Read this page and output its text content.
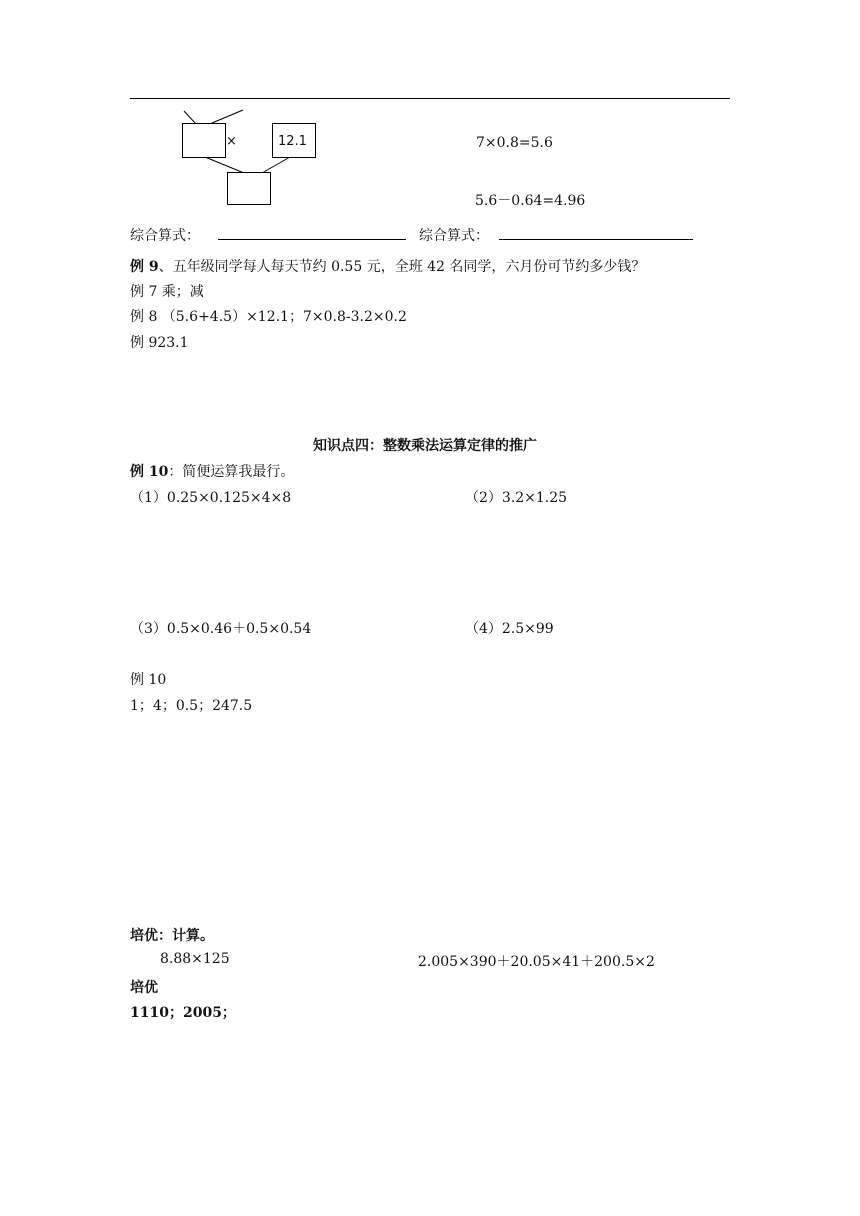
×	12.1	7×0.8=5.6
5.6－0.64=4.96
综合算式：	综合算式：
例 9、五年级同学每人每天节约 0.55 元，全班 42 名同学，六月份可节约多少钱？
例 7 乘；减
例 8 （5.6+4.5）×12.1；7×0.8-3.2×0.2
例 923.1
知识点四：整数乘法运算定律的推广
例 10：简便运算我最行。
（1）0.25×0.125×4×8	（2）3.2×1.25
（3）0.5×0.46＋0.5×0.54	（4）2.5×99
例 10
1；4；0.5；247.5
培优：计算。
8.88×125	2.005×390＋20.05×41＋200.5×2
培优
1110；2005；
